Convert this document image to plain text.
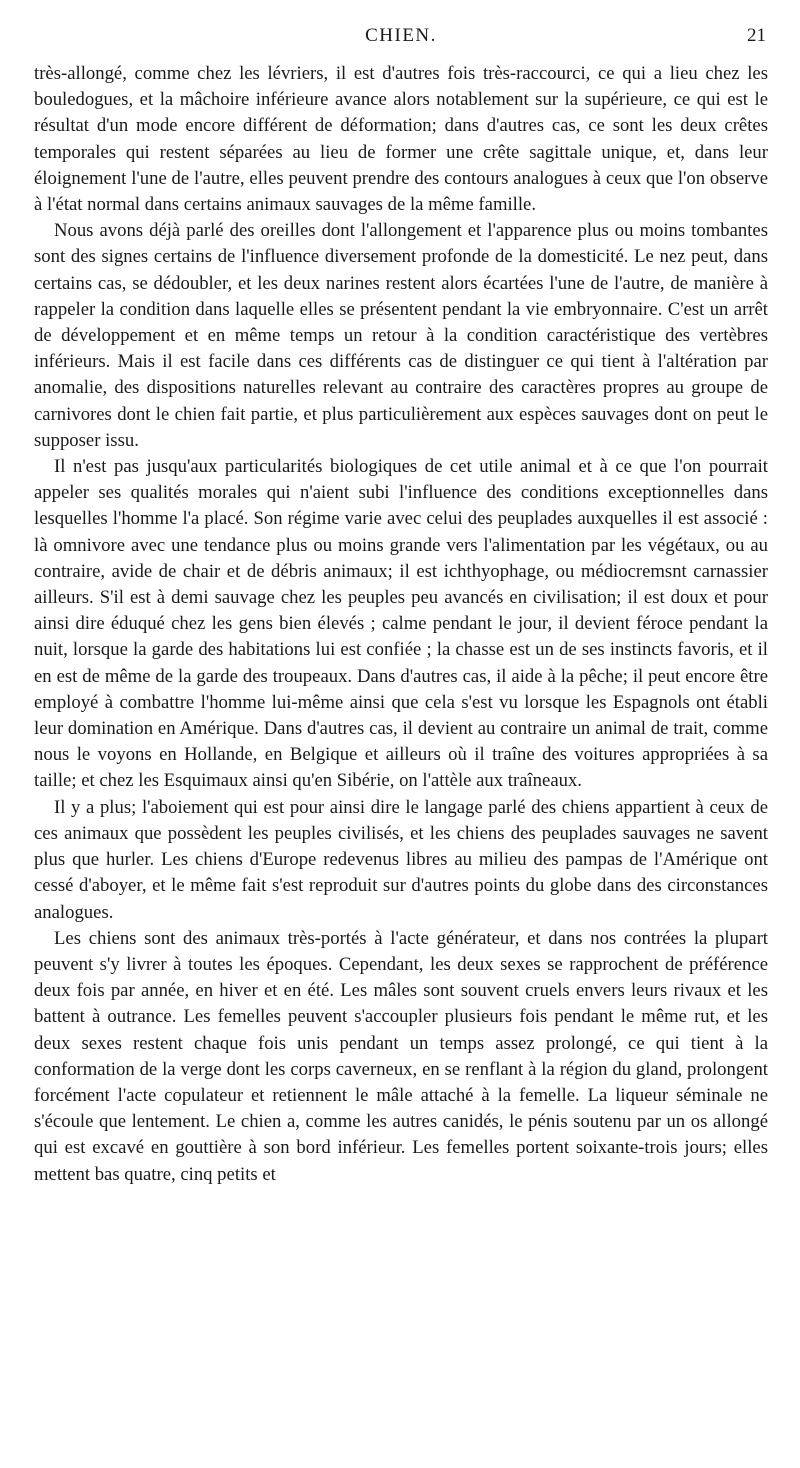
CHIEN.	21

très-allongé, comme chez les lévriers, il est d'autres fois très-raccourci, ce qui a lieu chez les bouledogues, et la mâchoire inférieure avance alors notablement sur la supérieure, ce qui est le résultat d'un mode encore différent de déformation; dans d'autres cas, ce sont les deux crêtes temporales qui restent séparées au lieu de former une crête sagittale unique, et, dans leur éloignement l'une de l'autre, elles peuvent prendre des contours analogues à ceux que l'on observe à l'état normal dans certains animaux sauvages de la même famille.

Nous avons déjà parlé des oreilles dont l'allongement et l'apparence plus ou moins tombantes sont des signes certains de l'influence diversement profonde de la domesticité. Le nez peut, dans certains cas, se dédoubler, et les deux narines restent alors écartées l'une de l'autre, de manière à rappeler la condition dans laquelle elles se présentent pendant la vie embryonnaire. C'est un arrêt de développement et en même temps un retour à la condition caractéristique des vertèbres inférieurs. Mais il est facile dans ces différents cas de distinguer ce qui tient à l'altération par anomalie, des dispositions naturelles relevant au contraire des caractères propres au groupe de carnivores dont le chien fait partie, et plus particulièrement aux espèces sauvages dont on peut le supposer issu.

Il n'est pas jusqu'aux particularités biologiques de cet utile animal et à ce que l'on pourrait appeler ses qualités morales qui n'aient subi l'influence des conditions exceptionnelles dans lesquelles l'homme l'a placé. Son régime varie avec celui des peuplades auxquelles il est associé : là omnivore avec une tendance plus ou moins grande vers l'alimentation par les végétaux, ou au contraire, avide de chair et de débris animaux; il est ichthyophage, ou médiocremsnt carnassier ailleurs. S'il est à demi sauvage chez les peuples peu avancés en civilisation; il est doux et pour ainsi dire éduqué chez les gens bien élevés ; calme pendant le jour, il devient féroce pendant la nuit, lorsque la garde des habitations lui est confiée ; la chasse est un de ses instincts favoris, et il en est de même de la garde des troupeaux. Dans d'autres cas, il aide à la pêche; il peut encore être employé à combattre l'homme lui-même ainsi que cela s'est vu lorsque les Espagnols ont établi leur domination en Amérique. Dans d'autres cas, il devient au contraire un animal de trait, comme nous le voyons en Hollande, en Belgique et ailleurs où il traîne des voitures appropriées à sa taille; et chez les Esquimaux ainsi qu'en Sibérie, on l'attèle aux traîneaux.

Il y a plus; l'aboiement qui est pour ainsi dire le langage parlé des chiens appartient à ceux de ces animaux que possèdent les peuples civilisés, et les chiens des peuplades sauvages ne savent plus que hurler. Les chiens d'Europe redevenus libres au milieu des pampas de l'Amérique ont cessé d'aboyer, et le même fait s'est reproduit sur d'autres points du globe dans des circonstances analogues.

Les chiens sont des animaux très-portés à l'acte générateur, et dans nos contrées la plupart peuvent s'y livrer à toutes les époques. Cependant, les deux sexes se rapprochent de préférence deux fois par année, en hiver et en été. Les mâles sont souvent cruels envers leurs rivaux et les battent à outrance. Les femelles peuvent s'accoupler plusieurs fois pendant le même rut, et les deux sexes restent chaque fois unis pendant un temps assez prolongé, ce qui tient à la conformation de la verge dont les corps caverneux, en se renflant à la région du gland, prolongent forcément l'acte copulateur et retiennent le mâle attaché à la femelle. La liqueur séminale ne s'écoule que lentement. Le chien a, comme les autres canidés, le pénis soutenu par un os allongé qui est excavé en gouttière à son bord inférieur. Les femelles portent soixante-trois jours; elles mettent bas quatre, cinq petits et
